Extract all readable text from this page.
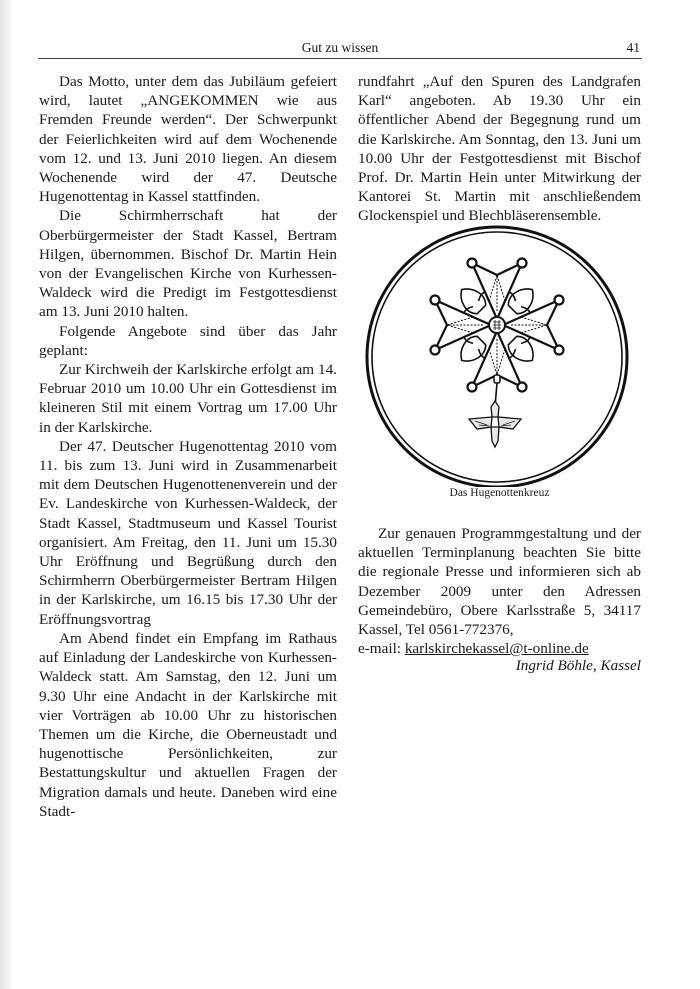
Gut zu wissen	41

Das Motto, unter dem das Jubiläum gefeiert wird, lautet „ANGEKOMMEN wie aus Fremden Freunde werden“. Der Schwerpunkt der Feierlichkeiten wird auf dem Wochenende vom 12. und 13. Juni 2010 liegen. An diesem Wochenende wird der 47. Deutsche Hugenottentag in Kassel stattfinden.

Die Schirmherrschaft hat der Oberbürgermeister der Stadt Kassel, Bertram Hilgen, übernommen. Bischof Dr. Martin Hein von der Evangelischen Kirche von Kurhessen-Waldeck wird die Predigt im Festgottesdienst am 13. Juni 2010 halten.

Folgende Angebote sind über das Jahr geplant:

Zur Kirchweih der Karlskirche erfolgt am 14. Februar 2010 um 10.00 Uhr ein Gottesdienst im kleineren Stil mit einem Vortrag um 17.00 Uhr in der Karlskirche.

Der 47. Deutscher Hugenottentag 2010 vom 11. bis zum 13. Juni wird in Zusammenarbeit mit dem Deutschen Hugenottenenverein und der Ev. Landeskirche von Kurhessen-Waldeck, der Stadt Kassel, Stadtmuseum und Kassel Tourist organisiert. Am Freitag, den 11. Juni um 15.30 Uhr Eröffnung und Begrüßung durch den Schirmherrn Oberbürgermeister Bertram Hilgen in der Karlskirche, um 16.15 bis 17.30 Uhr der Eröffnungsvortrag

Am Abend findet ein Empfang im Rathaus auf Einladung der Landeskirche von Kurhessen-Waldeck statt. Am Samstag, den 12. Juni um 9.30 Uhr eine Andacht in der Karlskirche mit vier Vorträgen ab 10.00 Uhr zu historischen Themen um die Kirche, die Oberneustadt und hugenottische Persönlichkeiten, zur Bestattungskultur und aktuellen Fragen der Migration damals und heute. Daneben wird eine Stadt-

rundfahrt „Auf den Spuren des Landgrafen Karl“ angeboten. Ab 19.30 Uhr ein öffentlicher Abend der Begegnung rund um die Karlskirche. Am Sonntag, den 13. Juni um 10.00 Uhr der Festgottesdienst mit Bischof Prof. Dr. Martin Hein unter Mitwirkung der Kantorei St. Martin mit anschließendem Glockenspiel und Blechbläserensemble.

Das Hugenottenkreuz

Zur genauen Programmgestaltung und der aktuellen Terminplanung beachten Sie bitte die regionale Presse und informieren sich ab Dezember 2009 unter den Adressen Gemeindebüro, Obere Karlsstraße 5, 34117 Kassel, Tel 0561-772376,

e-mail: karlskirchekassel@t-online.de

Ingrid Böhle, Kassel
